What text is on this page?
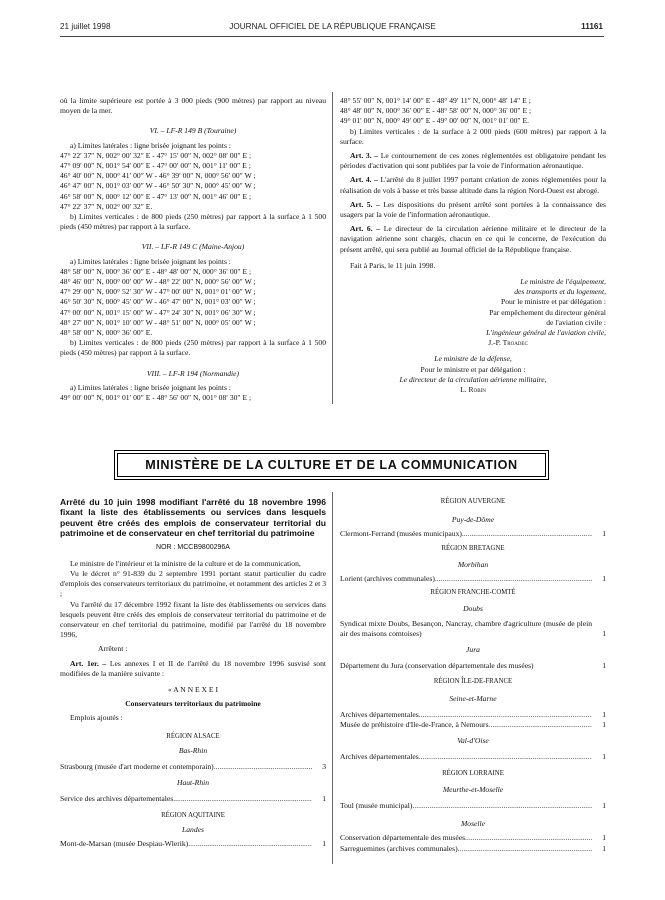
21 juillet 1998	JOURNAL OFFICIEL DE LA RÉPUBLIQUE FRANÇAISE	11161

où la limite supérieure est portée à 3 000 pieds (900 mètres) par rapport au niveau moyen de la mer.

VI. – LF-R 149 B (Touraine)

a) Limites latérales : ligne brisée joignant les points :

47° 22′ 37″ N, 002° 00′ 32″ E - 47° 15′ 00″ N, 002° 08′ 00″ E ;

47° 09′ 00″ N, 001° 54′ 00″ E - 47° 00′ 00″ N, 001° 11′ 00″ E ;

46° 40′ 00″ N, 000° 41′ 00″ W - 46° 39′ 00″ N, 000° 56′ 00″ W ;

46° 47′ 00″ N, 001° 03′ 00″ W - 46° 50′ 30″ N, 000° 45′ 00″ W ;

46° 58′ 00″ N, 000° 12′ 00″ E - 47° 13′ 00″ N, 001° 46′ 00″ E ;

47° 22′ 37″ N, 002° 00′ 32″ E.

b) Limites verticales : de 800 pieds (250 mètres) par rapport à la surface à 1 500 pieds (450 mètres) par rapport à la surface.

VII. – LF-R 149 C (Maine-Anjou)

a) Limites latérales : ligne brisée joignant les points :

48° 58′ 00″ N, 000° 36′ 00″ E - 48° 48′ 00″ N, 000° 36′ 00″ E ;

48° 46′ 00″ N, 000° 00′ 00″ W - 48° 22′ 00″ N, 000° 56′ 00″ W ;

47° 29′ 00″ N, 000° 52′ 30″ W - 47° 00′ 00″ N, 001° 01′ 00″ W ;

46° 50′ 30″ N, 000° 45′ 00″ W - 46° 47′ 00″ N, 001° 03′ 00″ W ;

47° 00′ 00″ N, 001° 15′ 00″ W - 47° 24′ 30″ N, 001° 06′ 30″ W ;

48° 27′ 00″ N, 001° 10′ 00″ W - 48° 51′ 00″ N, 000° 05′ 00″ W ;

48° 58′ 00″ N, 000° 36′ 00″ E.

b) Limites verticales : de 800 pieds (250 mètres) par rapport à la surface à 1 500 pieds (450 mètres) par rapport à la surface.

VIII. – LF-R 194 (Normandie)

a) Limites latérales : ligne brisée joignant les points :

49° 00′ 00″ N, 001° 01′ 00″ E - 48° 56′ 00″ N, 001° 08′ 30″ E ;

48° 55′ 00″ N, 001° 14′ 00″ E - 48° 49′ 11″ N, 000° 48′ 14″ E ;

48° 48′ 00″ N, 000° 36′ 00″ E - 48° 58′ 00″ N, 000° 36′ 00″ E ;

49° 01′ 00″ N, 000° 49′ 00″ E - 49° 00′ 00″ N, 001° 01′ 00″ E.

b) Limites verticales : de la surface à 2 000 pieds (600 mètres) par rapport à la surface.

Art. 3. – Le contournement de ces zones réglementées est obligatoire pendant les périodes d'activation qui sont publiées par la voie de l'information aéronautique.

Art. 4. – L'arrêté du 8 juillet 1997 portant création de zones réglementées pour la réalisation de vols à basse et très basse altitude dans la région Nord-Ouest est abrogé.

Art. 5. – Les dispositions du présent arrêté sont portées à la connaissance des usagers par la voie de l'information aéronautique.

Art. 6. – Le directeur de la circulation aérienne militaire et le directeur de la navigation aérienne sont chargés, chacun en ce qui le concerne, de l'exécution du présent arrêté, qui sera publié au Journal officiel de la République française.

Fait à Paris, le 11 juin 1998.

Le ministre de l'équipement,

des transports et du logement,

Pour le ministre et par délégation :

Par empêchement du directeur général

de l'aviation civile :

L'ingénieur général de l'aviation civile,

J.-P. Troadec

Le ministre de la défense,

Pour le ministre et par délégation :

Le directeur de la circulation aérienne militaire,

L. Robin

MINISTÈRE DE LA CULTURE ET DE LA COMMUNICATION

Arrêté du 10 juin 1998 modifiant l'arrêté du 18 novembre 1996 fixant la liste des établissements ou services dans lesquels peuvent être créés des emplois de conservateur territorial du patrimoine et de conservateur en chef territorial du patrimoine

NOR : MCCB9800296A

Le ministre de l'intérieur et la ministre de la culture et de la communication,

Vu le décret n° 91-839 du 2 septembre 1991 portant statut particulier du cadre d'emplois des conservateurs territoriaux du patrimoine, et notamment des articles 2 et 3 ;

Vu l'arrêté du 17 décembre 1992 fixant la liste des établissements ou services dans lesquels peuvent être créés des emplois de conservateur territorial du patrimoine et de conservateur en chef territorial du patrimoine, modifié par l'arrêté du 18 novembre 1996,

Arrêtent :

Art. 1er. – Les annexes I et II de l'arrêté du 18 novembre 1996 susvisé sont modifiées de la manière suivante :

« A N N E X E I

Conservateurs territoriaux du patrimoine

Emplois ajoutés :

RÉGION ALSACE

Bas-Rhin

Strasbourg (musée d'art moderne et contemporain) .....	3

Haut-Rhin

Service des archives départementales .....	1

RÉGION AQUITAINE

Landes

Mont-de-Marsan (musée Despiau-Wlerik) .....	1

RÉGION AUVERGNE

Puy-de-Dôme

Clermont-Ferrand (musées municipaux) .....	1

RÉGION BRETAGNE

Morbihan

Lorient (archives communales) .....	1

RÉGION FRANCHE-COMTÉ

Doubs

Syndicat mixte Doubs, Besançon, Nancray, chambre d'agriculture (musée de plein air des maisons comtoises)	1

Jura

Département du Jura (conservation départementale des musées)	1

RÉGION ÎLE-DE-FRANCE

Seine-et-Marne

Archives départementales .....	1
Musée de préhistoire d'Ile-de-France, à Nemours .....	1

Val-d'Oise

Archives départementales .....	1

RÉGION LORRAINE

Meurthe-et-Moselle

Toul (musée municipal) .....	1

Moselle

Conservation départementale des musées .....	1
Sarreguemines (archives communales) .....	1
